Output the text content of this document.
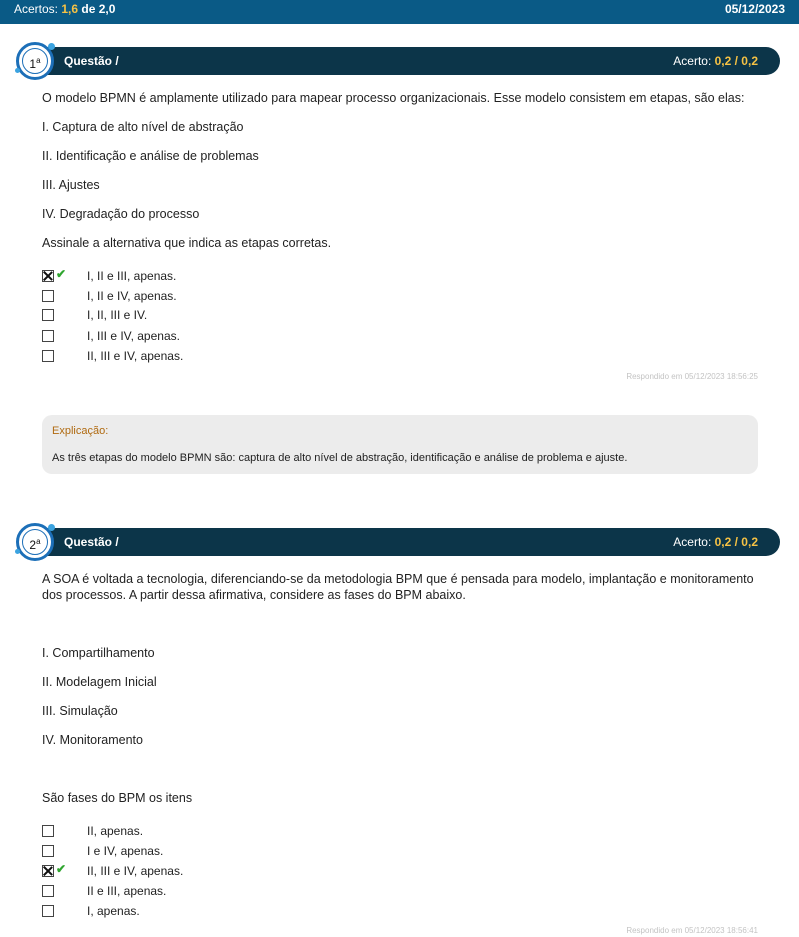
Acertos: 1,6 de 2,0	05/12/2023
Questão /	Acerto: 0,2 / 0,2
1$^a$
O modelo BPMN é amplamente utilizado para mapear processo organizacionais. Esse modelo consistem em etapas, são elas:
I. Captura de alto nível de abstração
II. Identificação e análise de problemas
III. Ajustes
IV. Degradação do processo
Assinale a alternativa que indica as etapas corretas.
✔ I, II e III, apenas.
I, II e IV, apenas.
I, II, III e IV.
I, III e IV, apenas.
II, III e IV, apenas.
Respondido em 05/12/2023 18:56:25
Explicação:
As três etapas do modelo BPMN são: captura de alto nível de abstração, identificação e análise de problema e ajuste.
Questão /	Acerto: 0,2 / 0,2
2$^a$
A SOA é voltada a tecnologia, diferenciando-se da metodologia BPM que é pensada para modelo, implantação e monitoramento dos processos. A partir dessa afirmativa, considere as fases do BPM abaixo.
I. Compartilhamento
II. Modelagem Inicial
III. Simulação
IV. Monitoramento
São fases do BPM os itens
II, apenas.
I e IV, apenas.
✔ II, III e IV, apenas.
II e III, apenas.
I, apenas.
Respondido em 05/12/2023 18:56:41
